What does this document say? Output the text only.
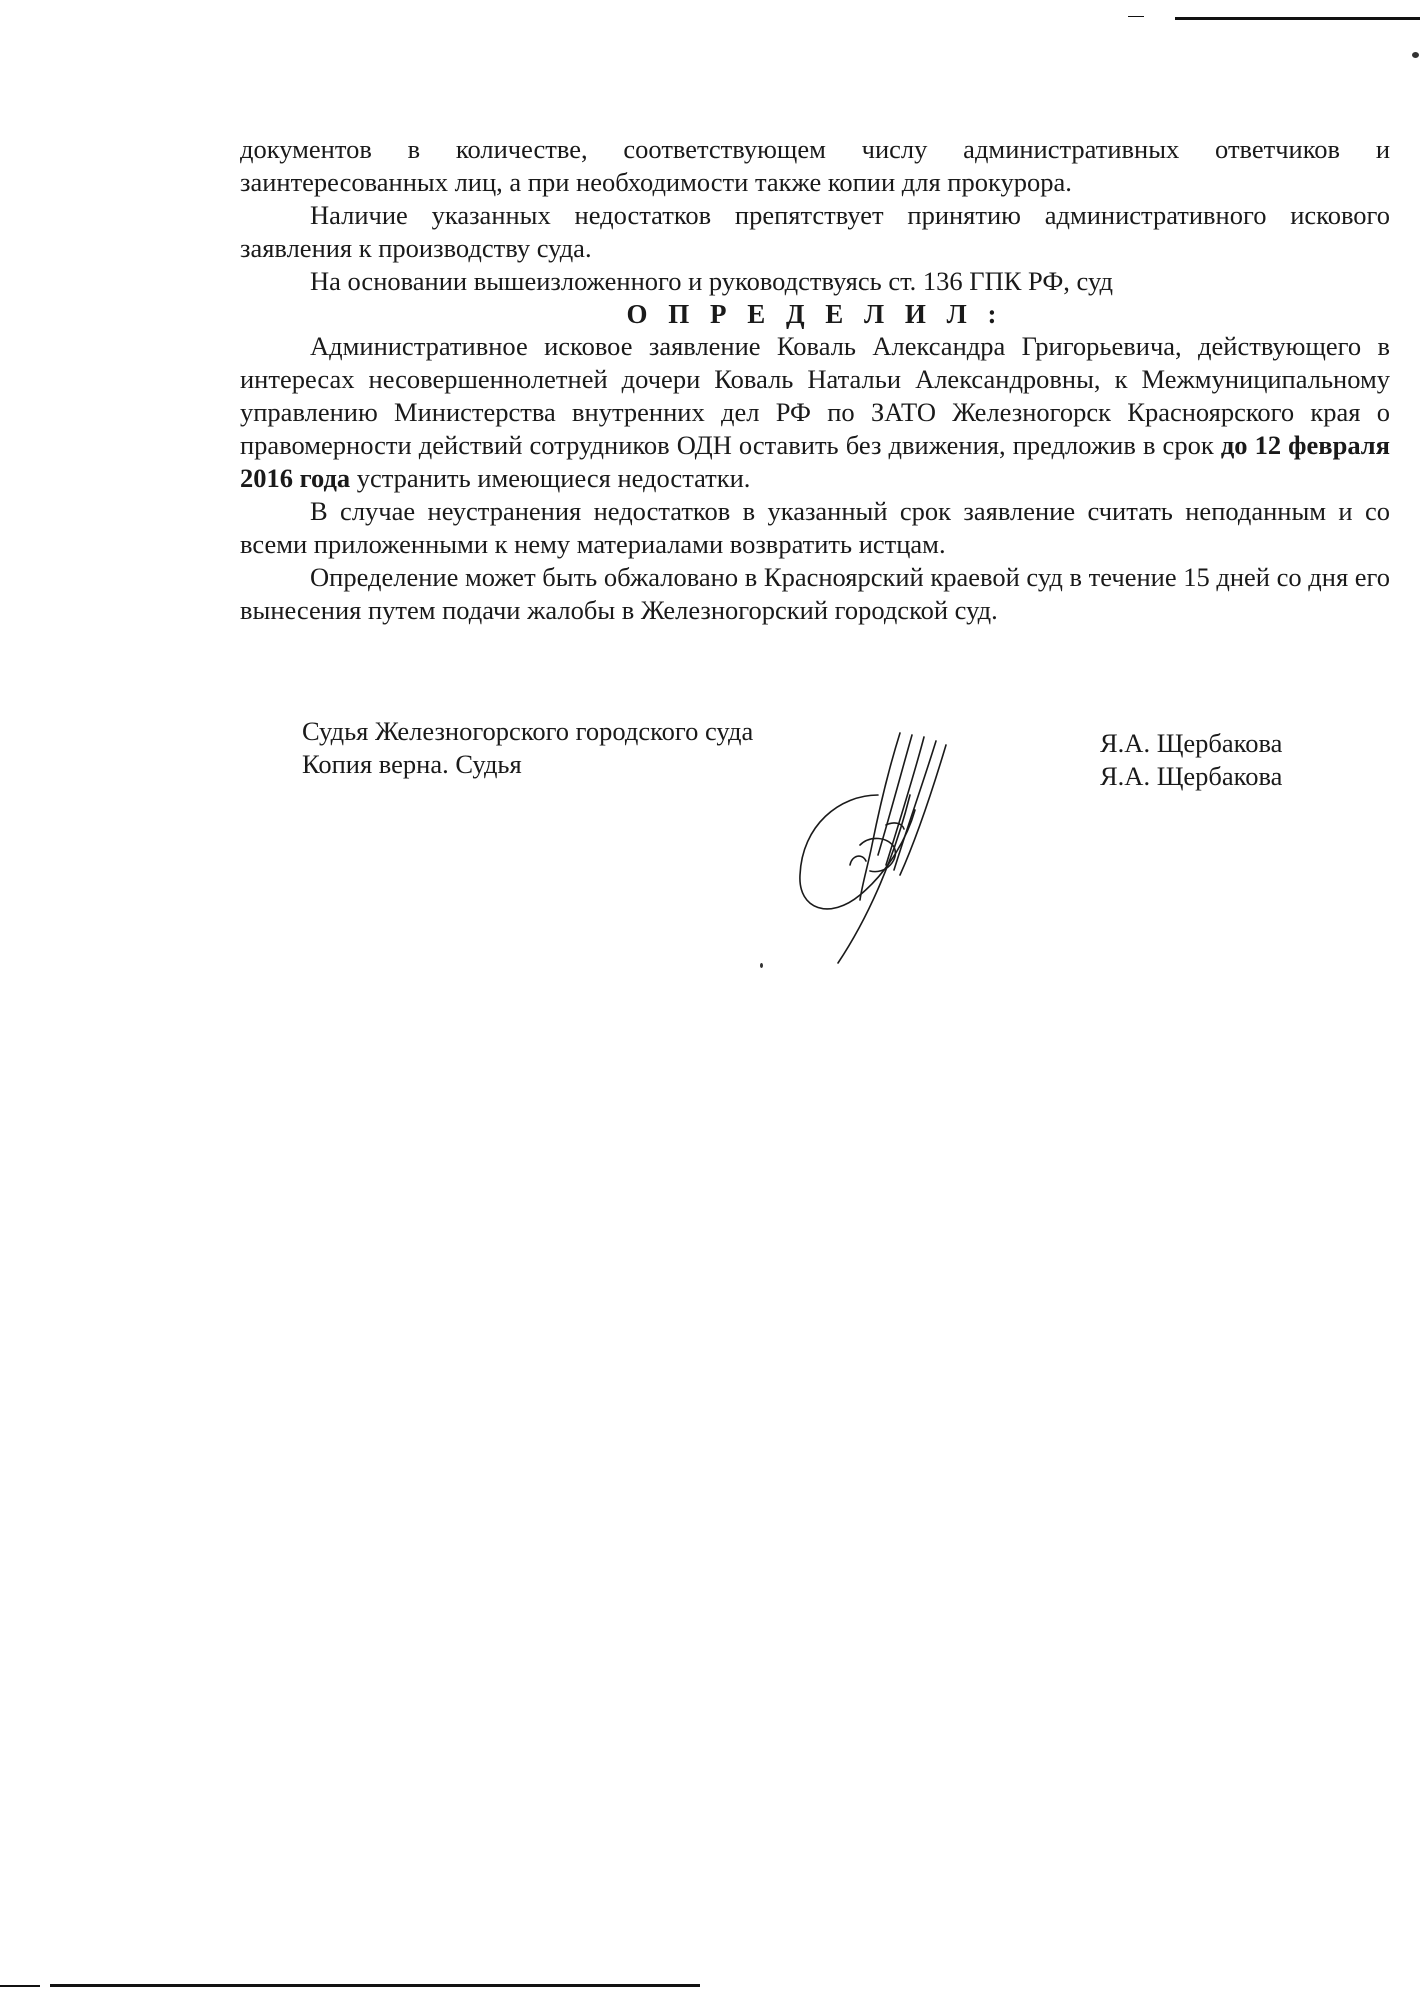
документов в количестве, соответствующем числу административных ответчиков и заинтересованных лиц, а при необходимости также копии для прокурора.

Наличие указанных недостатков препятствует принятию административного искового заявления к производству суда.

На основании вышеизложенного и руководствуясь ст. 136 ГПК РФ, суд

О П Р Е Д Е Л И Л :

Административное исковое заявление Коваль Александра Григорьевича, действующего в интересах несовершеннолетней дочери Коваль Натальи Александровны, к Межмуниципальному управлению Министерства внутренних дел РФ по ЗАТО Железногорск Красноярского края о правомерности действий сотрудников ОДН оставить без движения, предложив в срок до 12 февраля 2016 года устранить имеющиеся недостатки.

В случае неустранения недостатков в указанный срок заявление считать неподанным и со всеми приложенными к нему материалами возвратить истцам.

Определение может быть обжаловано в Красноярский краевой суд в течение 15 дней со дня его вынесения путем подачи жалобы в Железногорский городской суд.

Судья Железногорского городского суда
Копия верна. Судья
Я.А. Щербакова
Я.А. Щербакова
